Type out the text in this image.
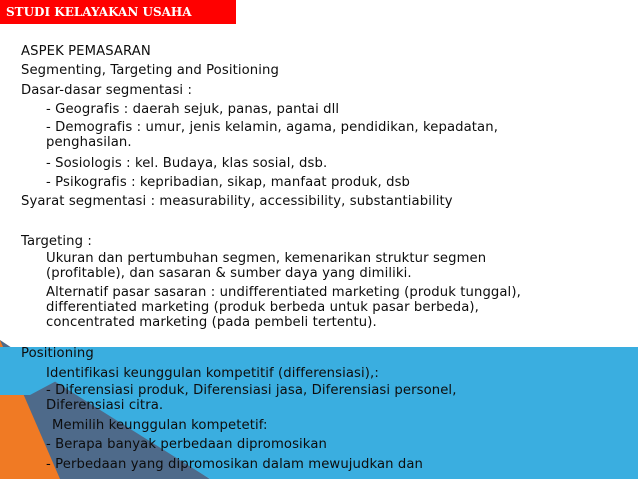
STUDI KELAYAKAN USAHA
ASPEK PEMASARAN
Segmenting, Targeting and Positioning
Dasar-dasar segmentasi :
- Geografis : daerah sejuk, panas, pantai dll
- Demografis : umur, jenis kelamin, agama, pendidikan, kepadatan,
penghasilan.
- Sosiologis : kel. Budaya, klas sosial, dsb.
- Psikografis : kepribadian, sikap, manfaat produk, dsb
Syarat segmentasi : measurability, accessibility, substantiability
Targeting :
Ukuran dan pertumbuhan segmen, kemenarikan struktur segmen
(profitable), dan sasaran & sumber daya yang dimiliki.
Alternatif pasar sasaran : undifferentiated marketing (produk tunggal),
differentiated marketing (produk berbeda untuk pasar berbeda),
concentrated marketing (pada pembeli tertentu).
Positioning
Identifikasi keunggulan kompetitif (differensiasi),:
- Diferensiasi produk, Diferensiasi jasa, Diferensiasi personel,
Diferensiasi citra.
Memilih keunggulan kompetetif:
- Berapa banyak perbedaan dipromosikan
- Perbedaan yang dipromosikan dalam mewujudkan dan
